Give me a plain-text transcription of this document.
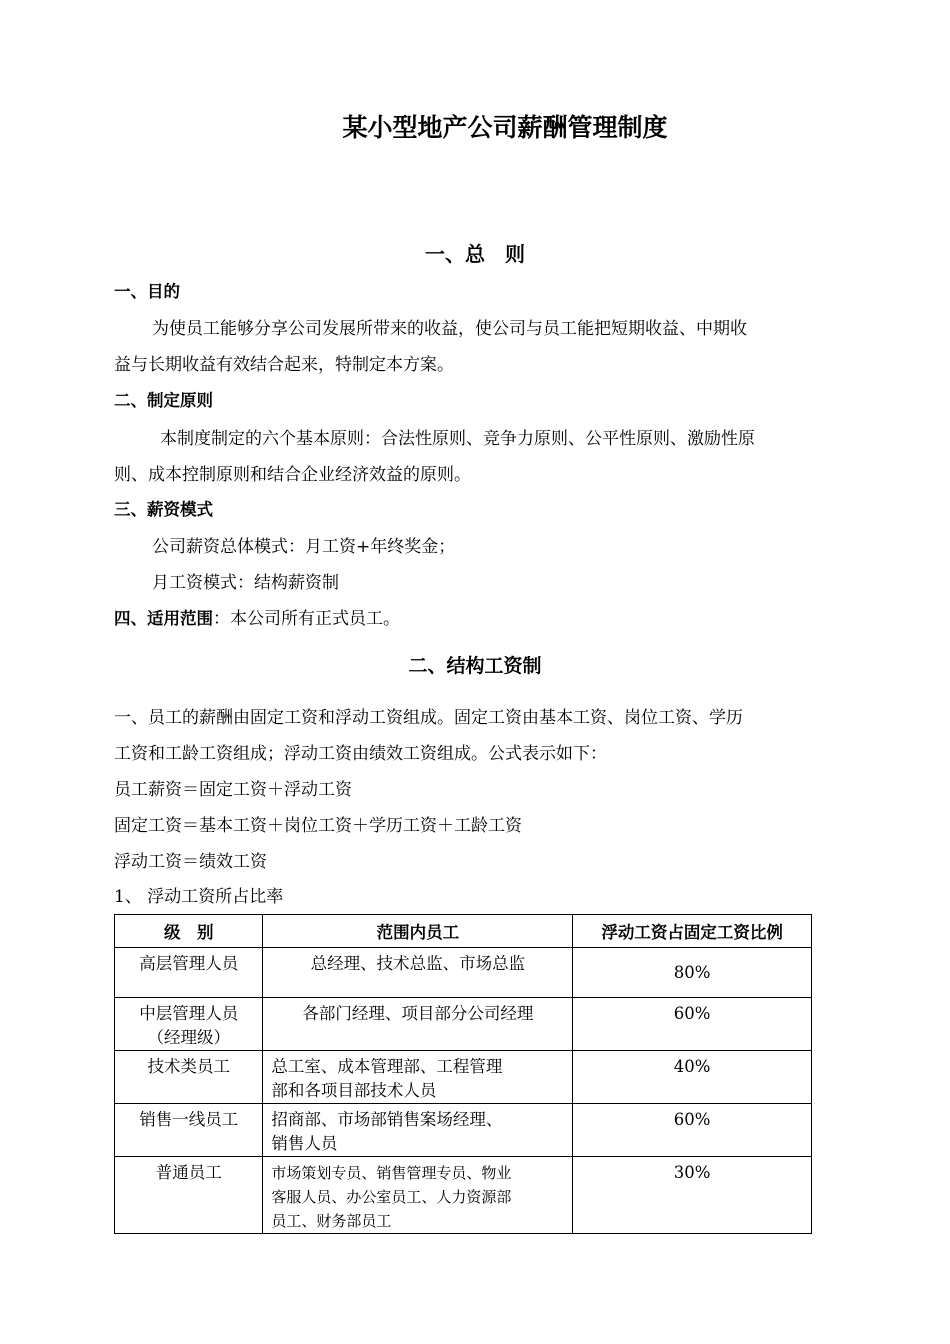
某小型地产公司薪酬管理制度
一、总　则
一、目的
为使员工能够分享公司发展所带来的收益，使公司与员工能把短期收益、中期收
益与长期收益有效结合起来，特制定本方案。
二、制定原则
本制度制定的六个基本原则：合法性原则、竞争力原则、公平性原则、激励性原
则、成本控制原则和结合企业经济效益的原则。
三、薪资模式
公司薪资总体模式：月工资+年终奖金；
月工资模式：结构薪资制
四、适用范围：本公司所有正式员工。
二、结构工资制
一、员工的薪酬由固定工资和浮动工资组成。固定工资由基本工资、岗位工资、学历
工资和工龄工资组成；浮动工资由绩效工资组成。公式表示如下：
员工薪资＝固定工资＋浮动工资
固定工资＝基本工资＋岗位工资＋学历工资＋工龄工资
浮动工资＝绩效工资
1、 浮动工资所占比率
级　别	范围内员工	浮动工资占固定工资比例

高层管理人员	总经理、技术总监、市场总监	80%

中层管理人员
（经理级）	各部门经理、项目部分公司经理	60%

技术类员工	总工室、成本管理部、工程管理
部和各项目部技术人员	40%

销售一线员工	招商部、市场部销售案场经理、
销售人员	60%

普通员工	市场策划专员、销售管理专员、物业
客服人员、办公室员工、人力资源部
员工、财务部员工	30%
